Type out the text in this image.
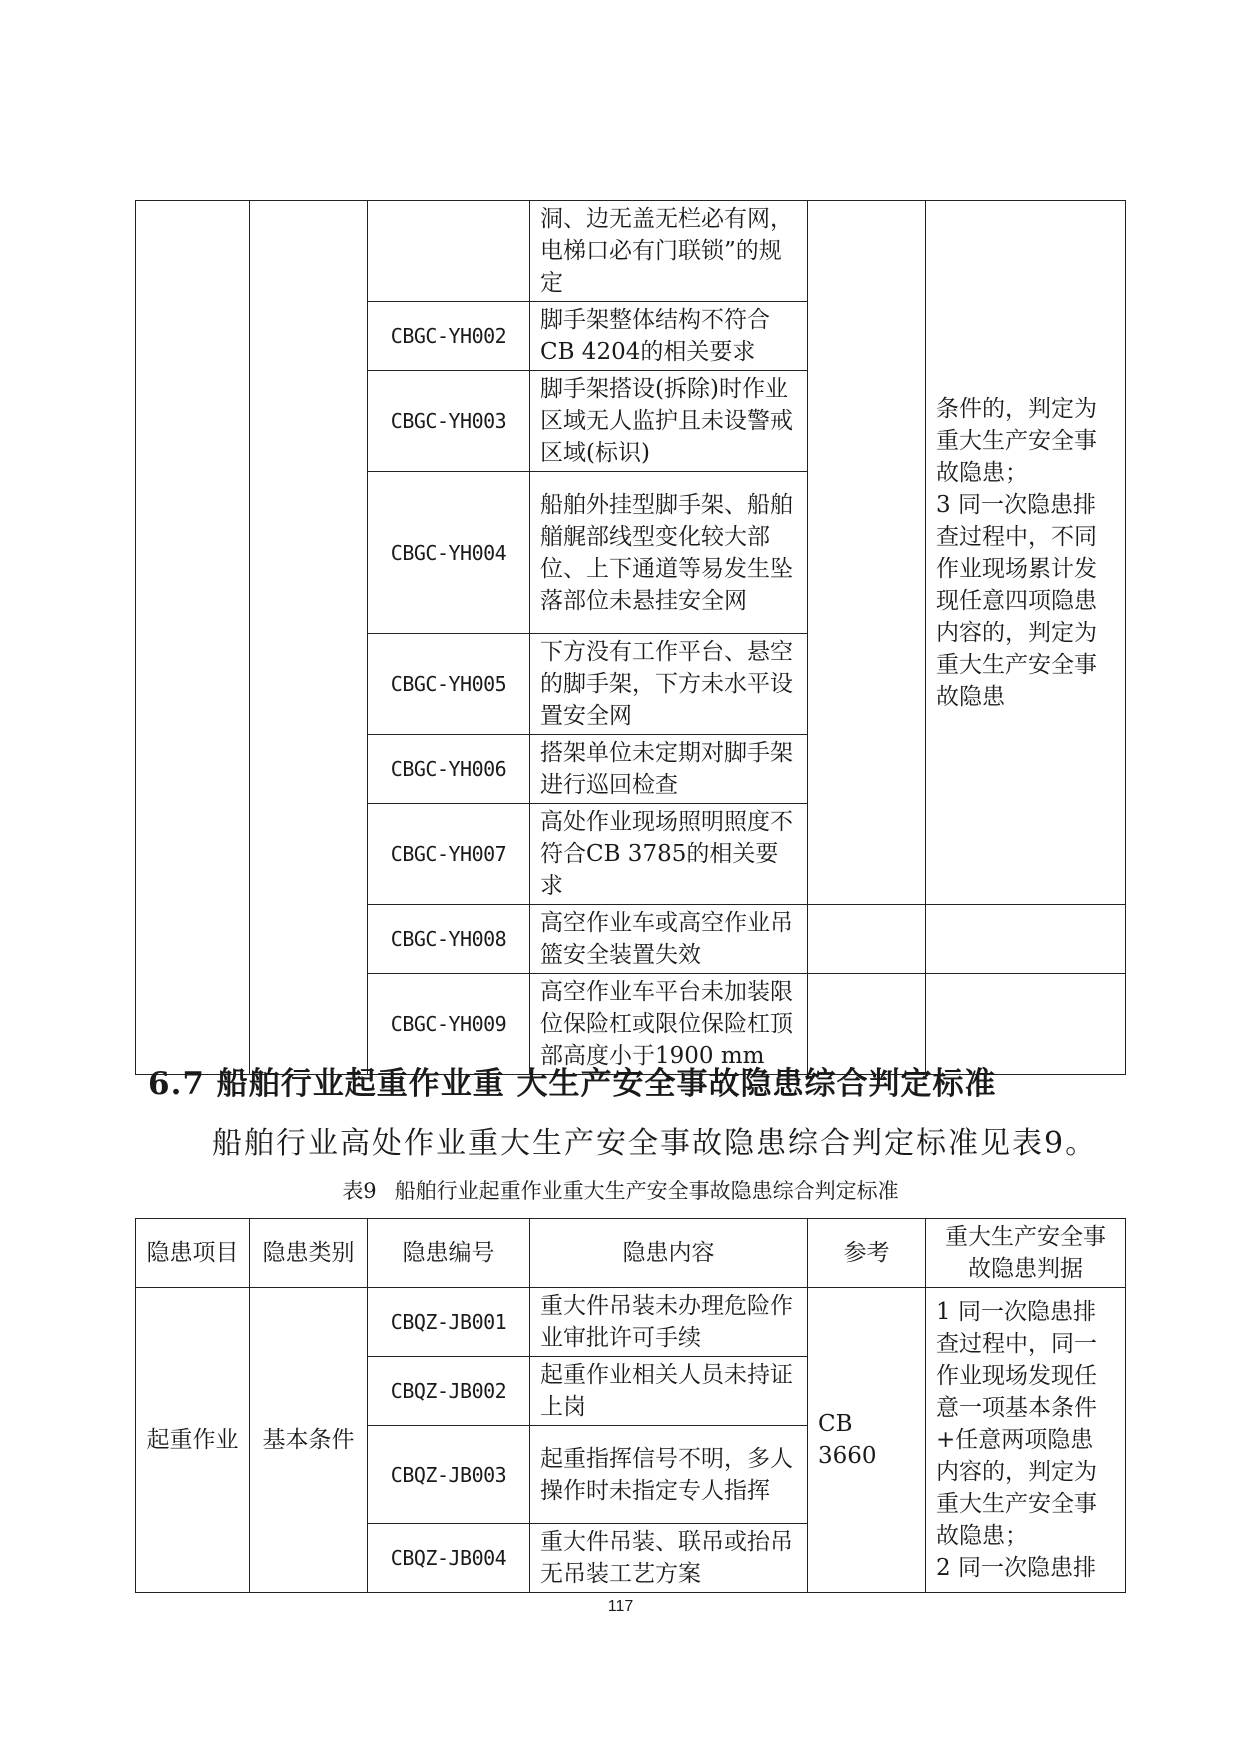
			洞、边无盖无栏必有网，电梯口必有门联锁”的规定		条件的，判定为重大生产安全事故隐患；
3 同一次隐患排查过程中，不同作业现场累计发现任意四项隐患内容的，判定为重大生产安全事故隐患
		CBGC-YH002	脚手架整体结构不符合CB 4204的相关要求		
		CBGC-YH003	脚手架搭设(拆除)时作业区域无人监护且未设警戒区域(标识)		
		CBGC-YH004	船舶外挂型脚手架、船舶艏艉部线型变化较大部位、上下通道等易发生坠落部位未悬挂安全网		
		CBGC-YH005	下方没有工作平台、悬空的脚手架，下方未水平设置安全网		
		CBGC-YH006	搭架单位未定期对脚手架进行巡回检查		
		CBGC-YH007	高处作业现场照明照度不符合CB 3785的相关要求		
		CBGC-YH008	高空作业车或高空作业吊篮安全装置失效		
		CBGC-YH009	高空作业车平台未加装限位保险杠或限位保险杠顶部高度小于1900 mm		
6.7 船舶行业起重作业重 大生产安全事故隐患综合判定标准
船舶行业高处作业重大生产安全事故隐患综合判定标准见表9。
表9 船舶行业起重作业重大生产安全事故隐患综合判定标准
隐患项目	隐患类别	隐患编号	隐患内容	参考	重大生产安全事故隐患判据
起重作业	基本条件	CBQZ-JB001	重大件吊装未办理危险作业审批许可手续	CB 3660	1 同一次隐患排查过程中，同一作业现场发现任意一项基本条件+任意两项隐患内容的，判定为重大生产安全事故隐患；
2 同一次隐患排
		CBQZ-JB002	起重作业相关人员未持证上岗		
		CBQZ-JB003	起重指挥信号不明，多人操作时未指定专人指挥		
		CBQZ-JB004	重大件吊装、联吊或抬吊无吊装工艺方案		
117
